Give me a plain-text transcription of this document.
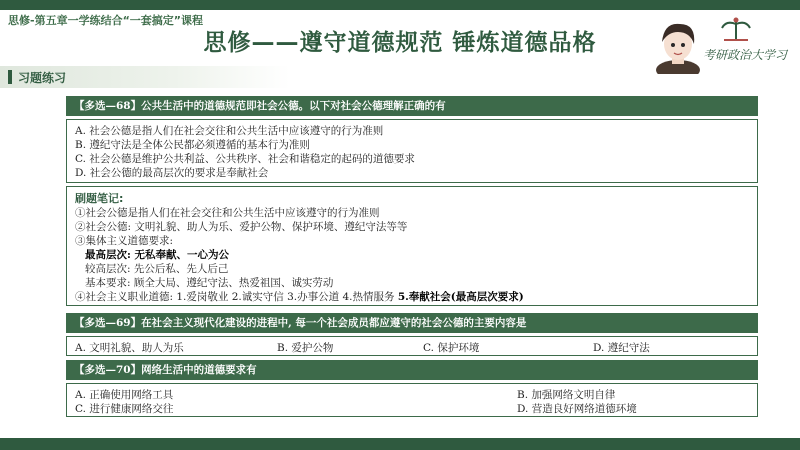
思修-第五章一学练结合“一套搞定”课程
思修——遵守道德规范 锤炼道德品格	考研政治大学习
习题练习
【多选—68】公共生活中的道德规范即社会公德。以下对社会公德理解正确的有
A. 社会公德是指人们在社会交往和公共生活中应该遵守的行为准则
B. 遵纪守法是全体公民都必须遵循的基本行为准则
C. 社会公德是维护公共利益、公共秩序、社会和谐稳定的起码的道德要求
D. 社会公德的最高层次的要求是奉献社会
刷题笔记:
①社会公德是指人们在社会交往和公共生活中应该遵守的行为准则
②社会公德: 文明礼貌、助人为乐、爱护公物、保护环境、遵纪守法等等
③集体主义道德要求:
最高层次: 无私奉献、一心为公
较高层次: 先公后私、先人后己
基本要求: 顾全大局、遵纪守法、热爱祖国、诚实劳动
④社会主义职业道德: 1.爱岗敬业 2.诚实守信 3.办事公道 4.热情服务 5.奉献社会(最高层次要求)
【多选—69】在社会主义现代化建设的进程中, 每一个社会成员都应遵守的社会公德的主要内容是
A. 文明礼貌、助人为乐	B. 爱护公物	C. 保护环境	D. 遵纪守法
【多选—70】网络生活中的道德要求有
A. 正确使用网络工具	B. 加强网络文明自律
C. 进行健康网络交往	D. 营造良好网络道德环境
